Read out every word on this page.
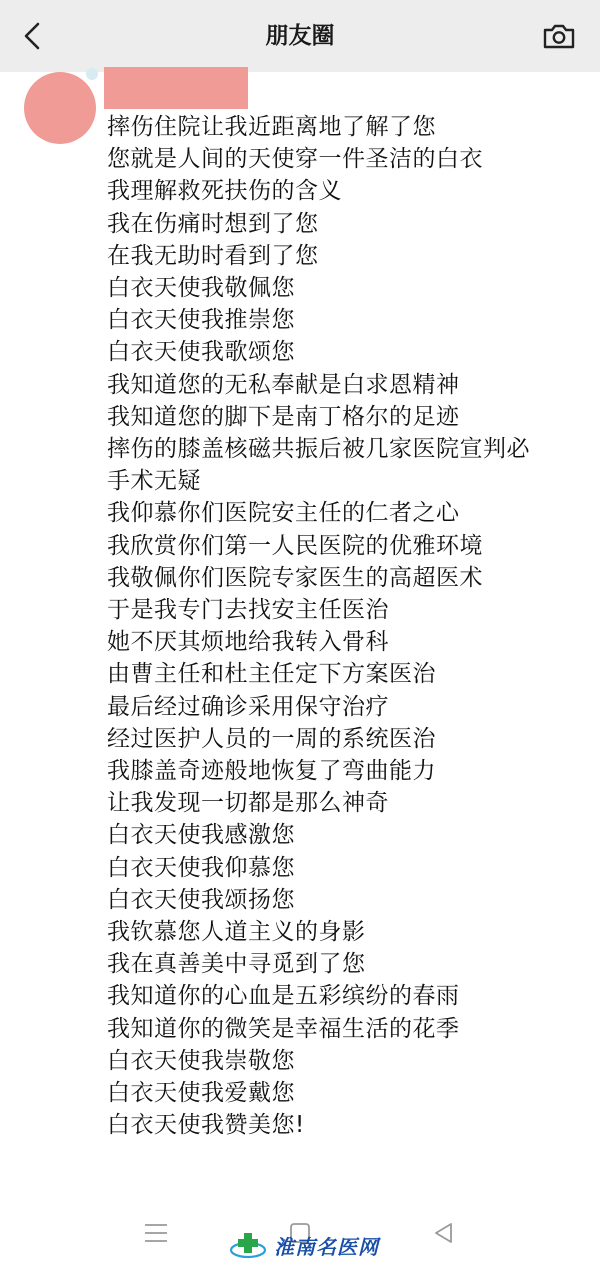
朋友圈
摔伤住院让我近距离地了解了您
您就是人间的天使穿一件圣洁的白衣
我理解救死扶伤的含义
我在伤痛时想到了您
在我无助时看到了您
白衣天使我敬佩您
白衣天使我推崇您
白衣天使我歌颂您
我知道您的无私奉献是白求恩精神
我知道您的脚下是南丁格尔的足迹
摔伤的膝盖核磁共振后被几家医院宣判必
手术无疑
我仰慕你们医院安主任的仁者之心
我欣赏你们第一人民医院的优雅环境
我敬佩你们医院专家医生的高超医术
于是我专门去找安主任医治
她不厌其烦地给我转入骨科
由曹主任和杜主任定下方案医治
最后经过确诊采用保守治疗
经过医护人员的一周的系统医治
我膝盖奇迹般地恢复了弯曲能力
让我发现一切都是那么神奇
白衣天使我感激您
白衣天使我仰慕您
白衣天使我颂扬您
我钦慕您人道主义的身影
我在真善美中寻觅到了您
我知道你的心血是五彩缤纷的春雨
我知道你的微笑是幸福生活的花季
白衣天使我崇敬您
白衣天使我爱戴您
白衣天使我赞美您!
淮南名医网
